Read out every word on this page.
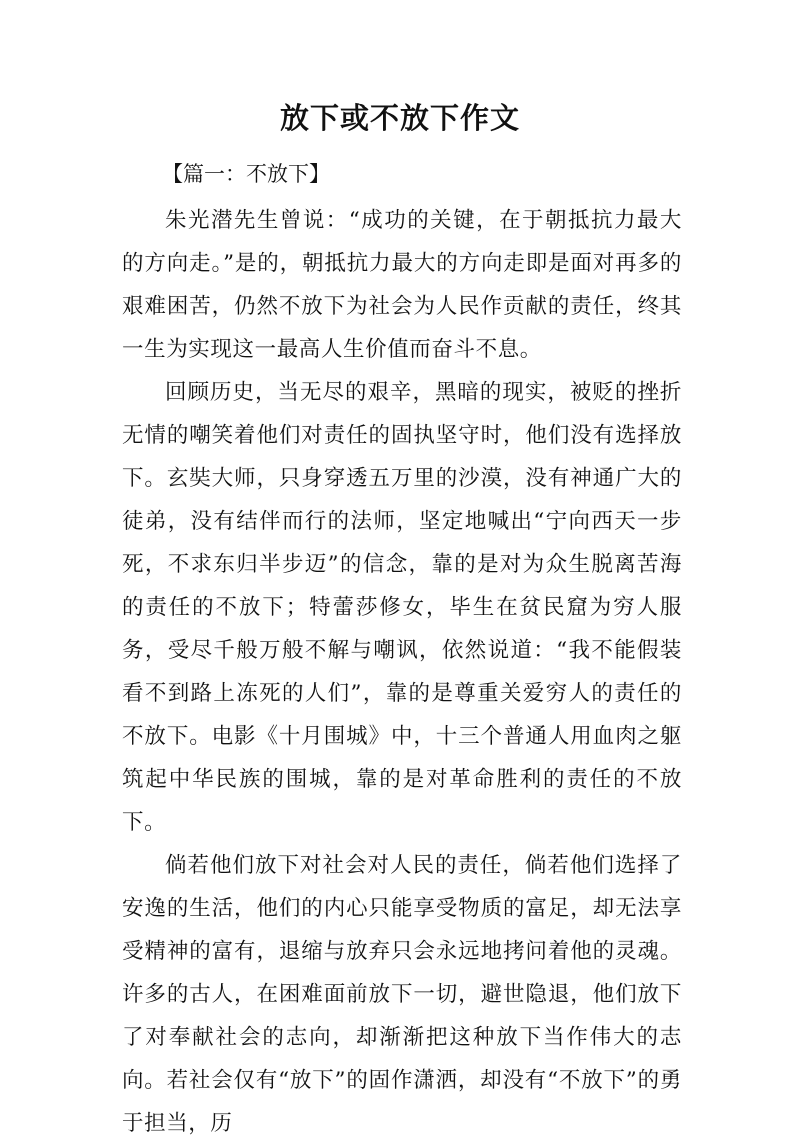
放下或不放下作文
【篇一：不放下】

朱光潜先生曾说：“成功的关键，在于朝抵抗力最大的方向走。”是的，朝抵抗力最大的方向走即是面对再多的艰难困苦，仍然不放下为社会为人民作贡献的责任，终其一生为实现这一最高人生价值而奋斗不息。

回顾历史，当无尽的艰辛，黑暗的现实，被贬的挫折无情的嘲笑着他们对责任的固执坚守时，他们没有选择放下。玄奘大师，只身穿透五万里的沙漠，没有神通广大的徒弟，没有结伴而行的法师，坚定地喊出“宁向西天一步死，不求东归半步迈”的信念，靠的是对为众生脱离苦海的责任的不放下；特蕾莎修女，毕生在贫民窟为穷人服务，受尽千般万般不解与嘲讽，依然说道：“我不能假装看不到路上冻死的人们”，靠的是尊重关爱穷人的责任的不放下。电影《十月围城》中，十三个普通人用血肉之躯筑起中华民族的围城，靠的是对革命胜利的责任的不放下。

倘若他们放下对社会对人民的责任，倘若他们选择了安逸的生活，他们的内心只能享受物质的富足，却无法享受精神的富有，退缩与放弃只会永远地拷问着他的灵魂。许多的古人，在困难面前放下一切，避世隐退，他们放下了对奉献社会的志向，却渐渐把这种放下当作伟大的志向。若社会仅有“放下”的固作潇洒，却没有“不放下”的勇于担当，历
